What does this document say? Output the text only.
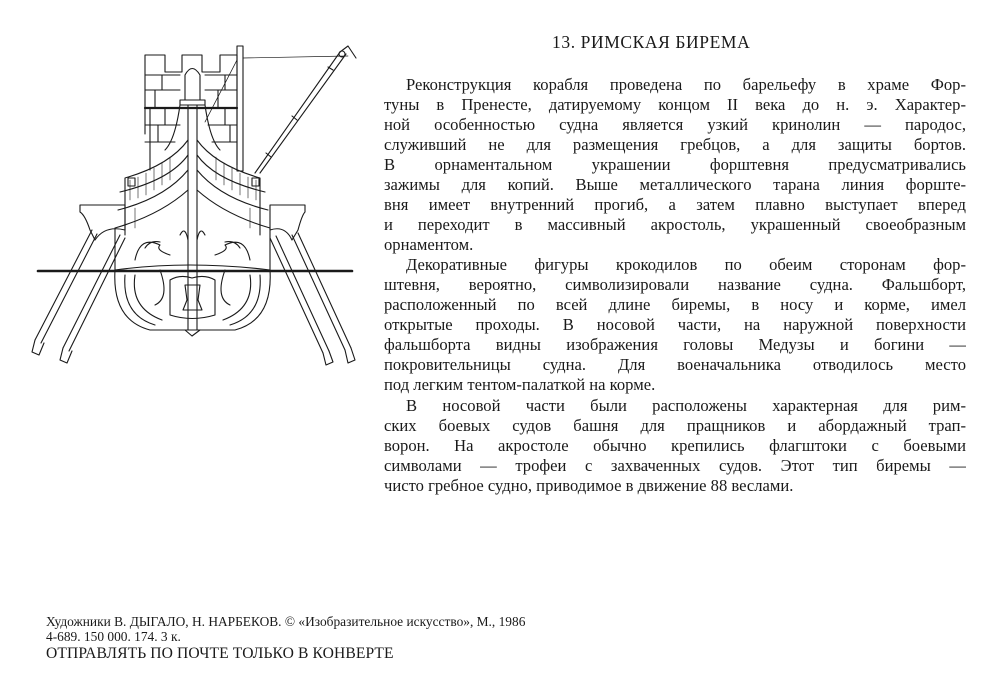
13. РИМСКАЯ БИРЕМА
Реконструкция корабля проведена по барельефу в храме Фор-
туны в Пренесте, датируемому концом II века до н. э. Характер-
ной особенностью судна является узкий кринолин — пародос,
служивший не для размещения гребцов, а для защиты бортов.
В орнаментальном украшении форштевня предусматривались
зажимы для копий. Выше металлического тарана линия форште-
вня имеет внутренний прогиб, а затем плавно выступает вперед
и переходит в массивный акростоль, украшенный своеобразным
орнаментом.
Декоративные фигуры крокодилов по обеим сторонам фор-
штевня, вероятно, символизировали название судна. Фальшборт,
расположенный по всей длине биремы, в носу и корме, имел
открытые проходы. В носовой части, на наружной поверхности
фальшборта видны изображения головы Медузы и богини —
покровительницы судна. Для военачальника отводилось место
под легким тентом-палаткой на корме.
В носовой части были расположены характерная для рим-
ских боевых судов башня для пращников и абордажный трап-
ворон. На акростоле обычно крепились флагштоки с боевыми
символами — трофеи с захваченных судов. Этот тип биремы —
чисто гребное судно, приводимое в движение 88 веслами.
Художники В. ДЫГАЛО, Н. НАРБЕКОВ. © «Изобразительное искусство», М., 1986
4-689. 150 000. 174. 3 к.
ОТПРАВЛЯТЬ ПО ПОЧТЕ ТОЛЬКО В КОНВЕРТЕ
